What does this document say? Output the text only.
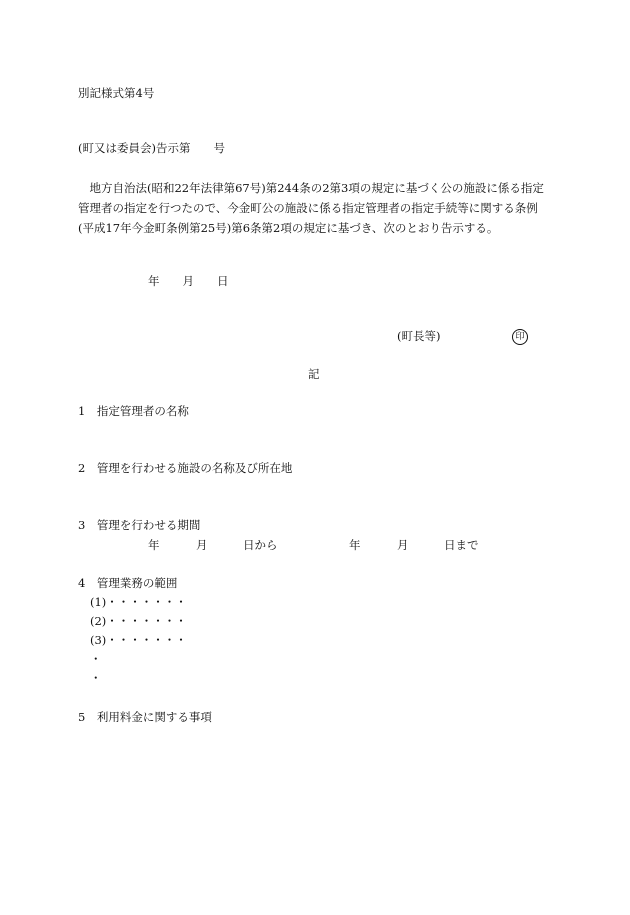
別記様式第4号
(町又は委員会)告示第　　号
　地方自治法(昭和22年法律第67号)第244条の2第3項の規定に基づく公の施設に係る指定
管理者の指定を行つたので、今金町公の施設に係る指定管理者の指定手続等に関する条例
(平成17年今金町条例第25号)第6条第2項の規定に基づき、次のとおり告示する。
年　　月　　日
(町長等)	印
記
1　指定管理者の名称
2　管理を行わせる施設の名称及び所在地
3　管理を行わせる期間
年	月	日から	年	月	日まで
4　管理業務の範囲
(1)・・・・・・・
(2)・・・・・・・
(3)・・・・・・・
・
・
5　利用料金に関する事項
